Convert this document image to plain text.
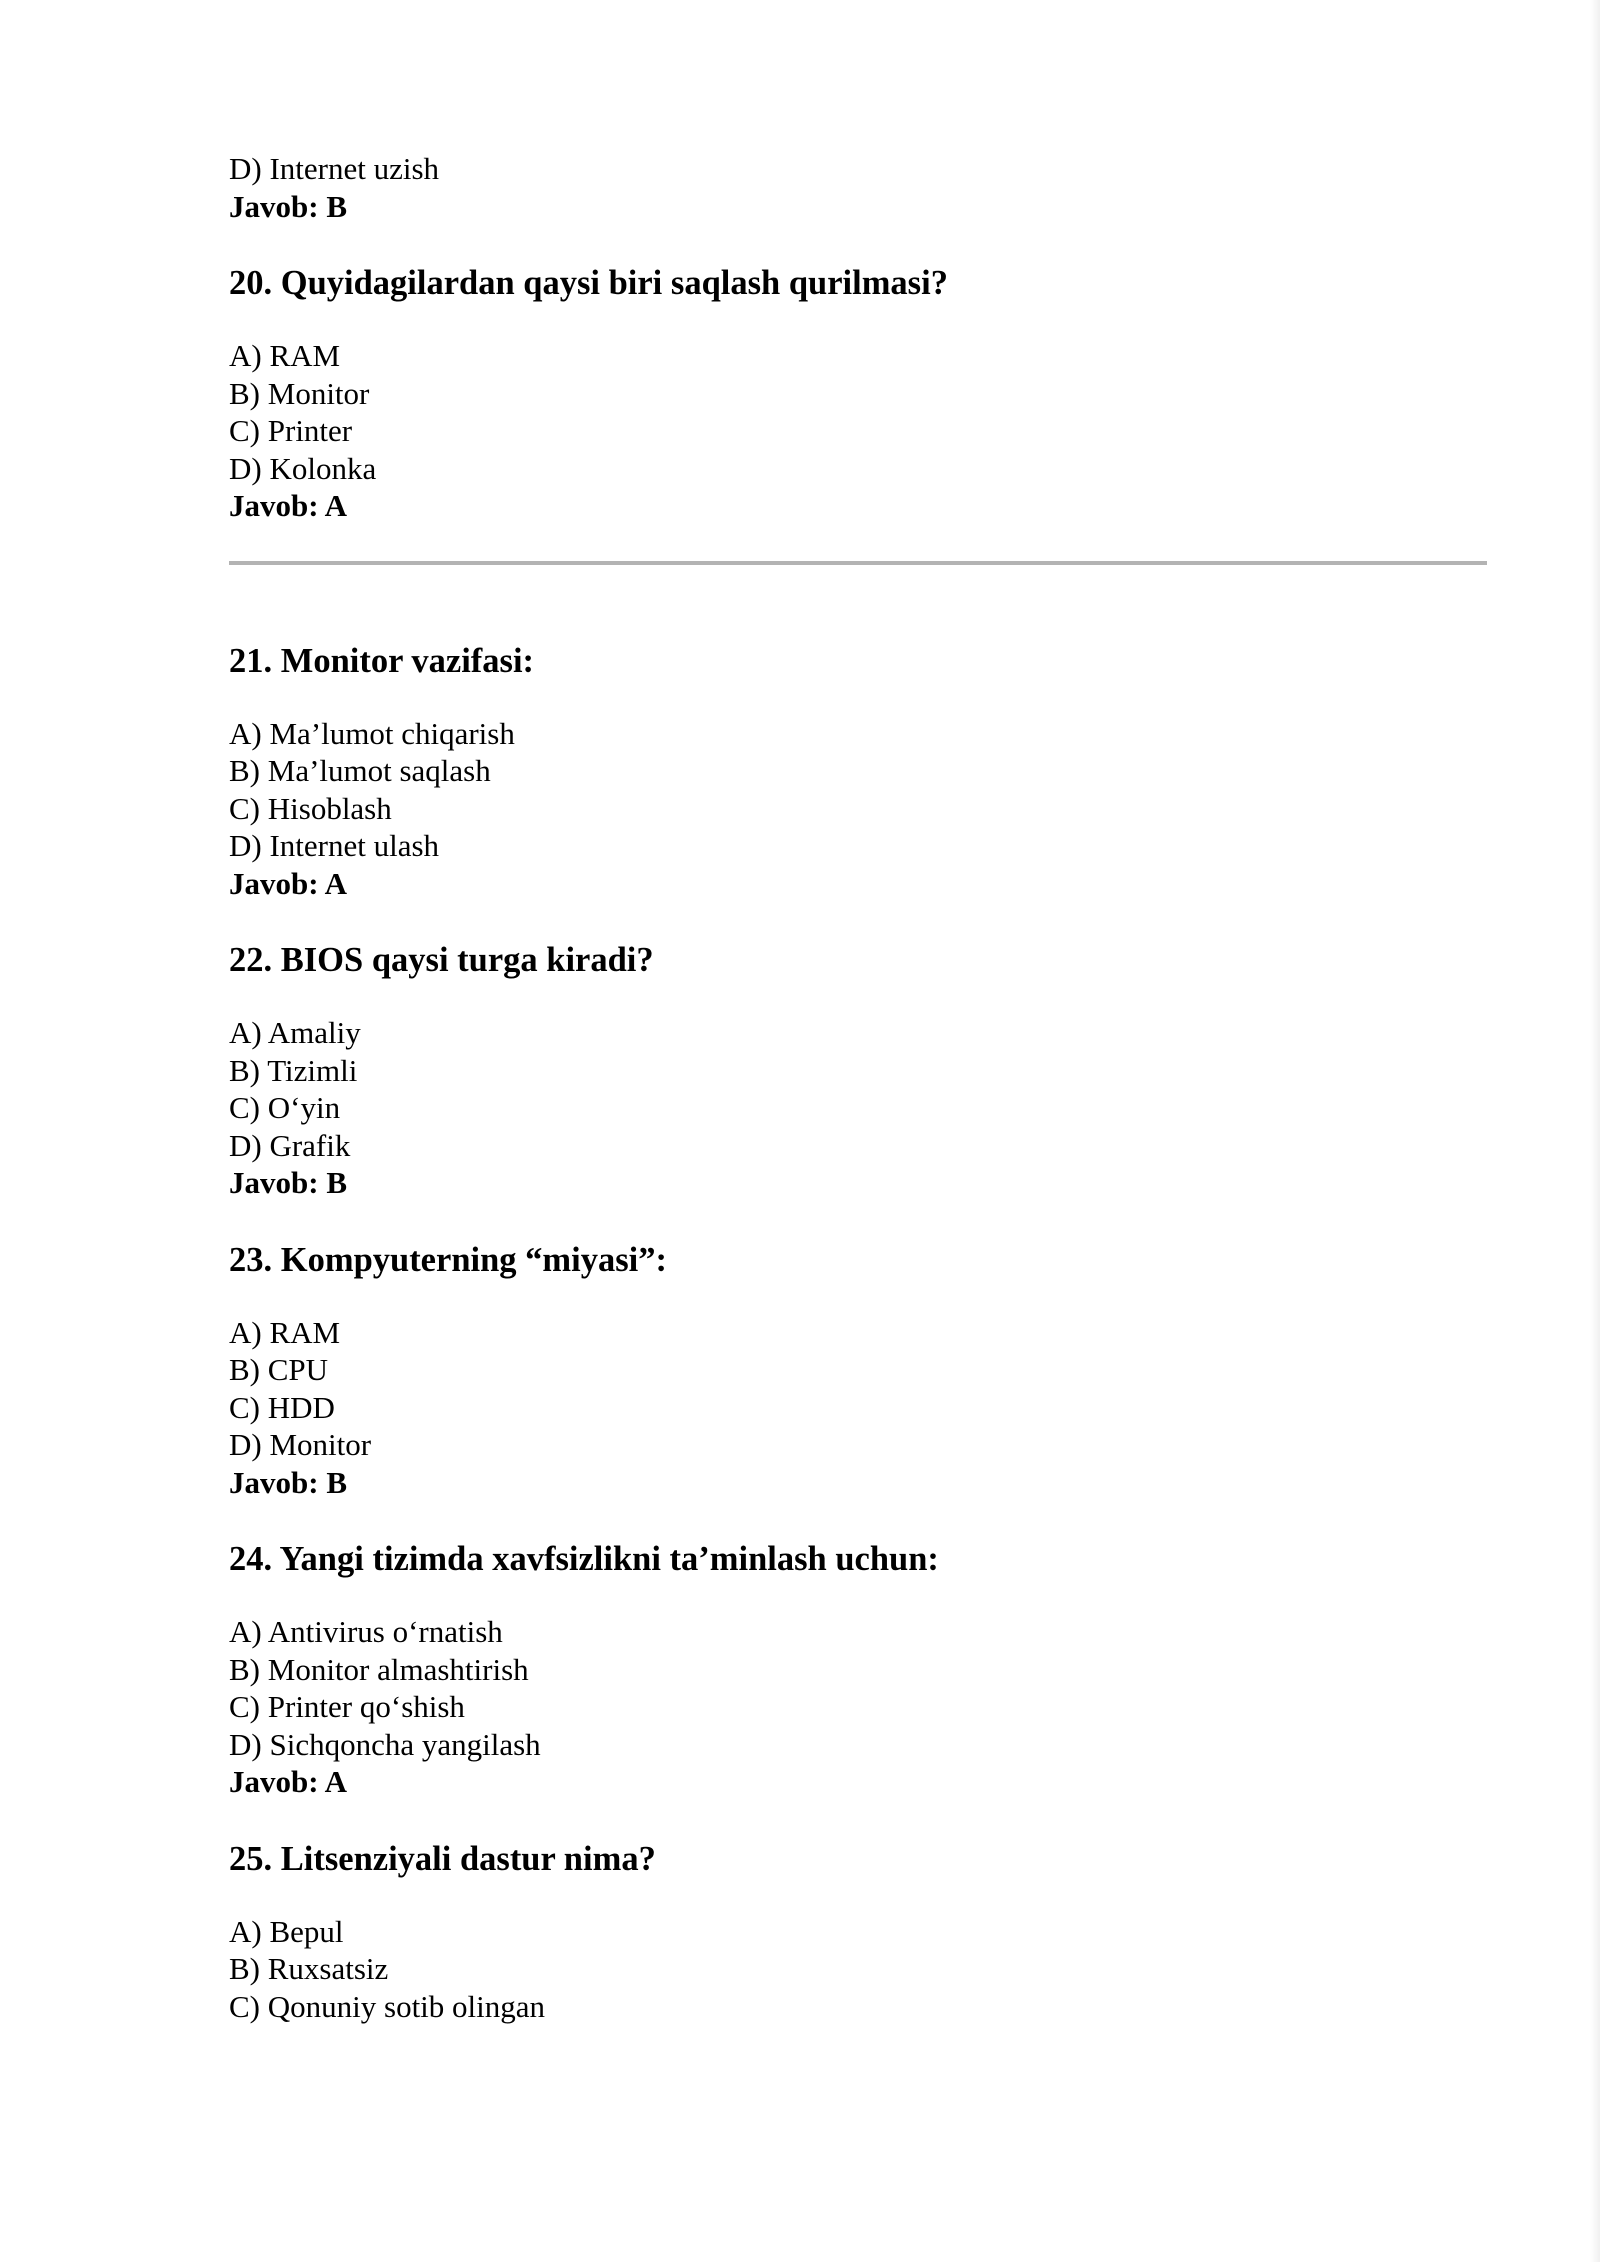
D) Internet uzish

Javob: B

20. Quyidagilardan qaysi biri saqlash qurilmasi?

A) RAM

B) Monitor

C) Printer

D) Kolonka

Javob: A

21. Monitor vazifasi:

A) Ma’lumot chiqarish

B) Ma’lumot saqlash

C) Hisoblash

D) Internet ulash

Javob: A

22. BIOS qaysi turga kiradi?

A) Amaliy

B) Tizimli

C) O‘yin

D) Grafik

Javob: B

23. Kompyuterning “miyasi”:

A) RAM

B) CPU

C) HDD

D) Monitor

Javob: B

24. Yangi tizimda xavfsizlikni ta’minlash uchun:

A) Antivirus o‘rnatish

B) Monitor almashtirish

C) Printer qo‘shish

D) Sichqoncha yangilash

Javob: A

25. Litsenziyali dastur nima?

A) Bepul

B) Ruxsatsiz

C) Qonuniy sotib olingan
